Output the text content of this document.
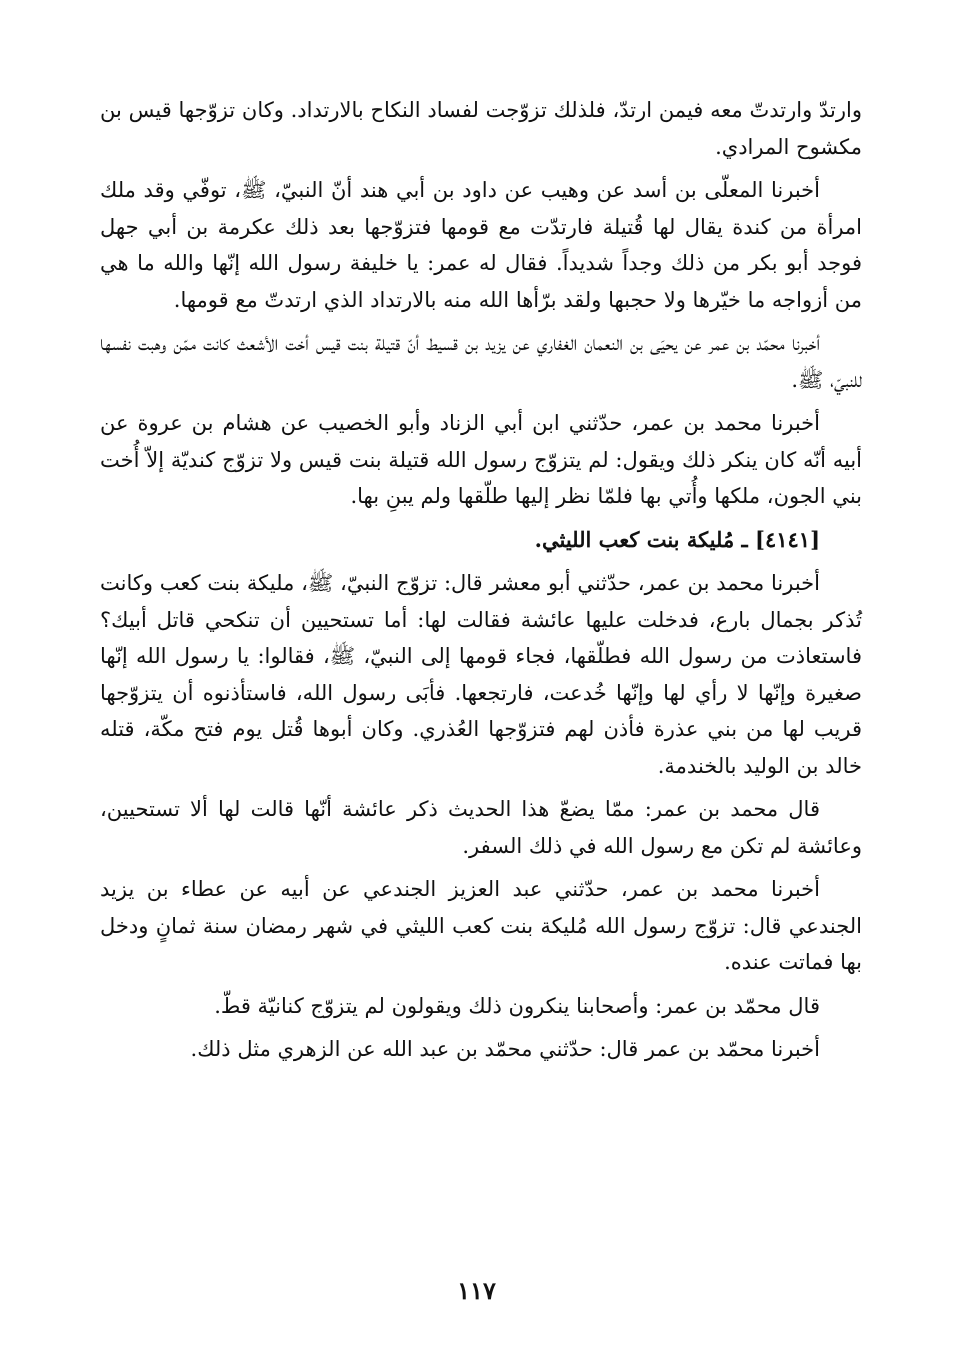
وارتدّ وارتدتّ معه فيمن ارتدّ، فلذلك تزوّجت لفساد النكاح بالارتداد. وكان تزوّجها قيس بن مكشوح المرادي.

أخبرنا المعلّى بن أسد عن وهيب عن داود بن أبي هند أنّ النبيّ، ﷺ، توفّي وقد ملك امرأة من كندة يقال لها قُتيلة فارتدّت مع قومها فتزوّجها بعد ذلك عكرمة بن أبي جهل فوجد أبو بكر من ذلك وجداً شديداً. فقال له عمر: يا خليفة رسول الله إنّها والله ما هي من أزواجه ما خيّرها ولا حجبها ولقد برّأها الله منه بالارتداد الذي ارتدتّ مع قومها.

أخبرنا محمّد بن عمر عن يحيَى بن النعمان الغفاري عن يزيد بن قسيط أنّ قتيلة بنت قيس أخت الأشعث كانت ممّن وهبت نفسها للنبيّ، ﷺ.

أخبرنا محمد بن عمر، حدّثني ابن أبي الزناد وأبو الخصيب عن هشام بن عروة عن أبيه أنّه كان ينكر ذلك ويقول: لم يتزوّج رسول الله قتيلة بنت قيس ولا تزوّج كنديّة إلاّ أُخت بني الجون، ملكها وأُتي بها فلمّا نظر إليها طلّقها ولم يبنِ بها.

[٤١٤١] ـ مُليكة بنت كعب الليثي.

أخبرنا محمد بن عمر، حدّثني أبو معشر قال: تزوّج النبيّ، ﷺ، مليكة بنت كعب وكانت تُذكر بجمال بارع، فدخلت عليها عائشة فقالت لها: أما تستحيين أن تنكحي قاتل أبيك؟ فاستعاذت من رسول الله فطلّقها، فجاء قومها إلى النبيّ، ﷺ، فقالوا: يا رسول الله إنّها صغيرة وإنّها لا رأي لها وإنّها خُدعت، فارتجعها. فأبَى رسول الله، فاستأذنوه أن يتزوّجها قريب لها من بني عذرة فأذن لهم فتزوّجها العُذري. وكان أبوها قُتل يوم فتح مكّة، قتله خالد بن الوليد بالخندمة.

قال محمد بن عمر: ممّا يضعّ هذا الحديث ذكر عائشة أنّها قالت لها ألا تستحيين، وعائشة لم تكن مع رسول الله في ذلك السفر.

أخبرنا محمد بن عمر، حدّثني عبد العزيز الجندعي عن أبيه عن عطاء بن يزيد الجندعي قال: تزوّج رسول الله مُليكة بنت كعب الليثي في شهر رمضان سنة ثمانٍ ودخل بها فماتت عنده.

قال محمّد بن عمر: وأصحابنا ينكرون ذلك ويقولون لم يتزوّج كنانيّة قطّ.

أخبرنا محمّد بن عمر قال: حدّثني محمّد بن عبد الله عن الزهري مثل ذلك.

١١٧
